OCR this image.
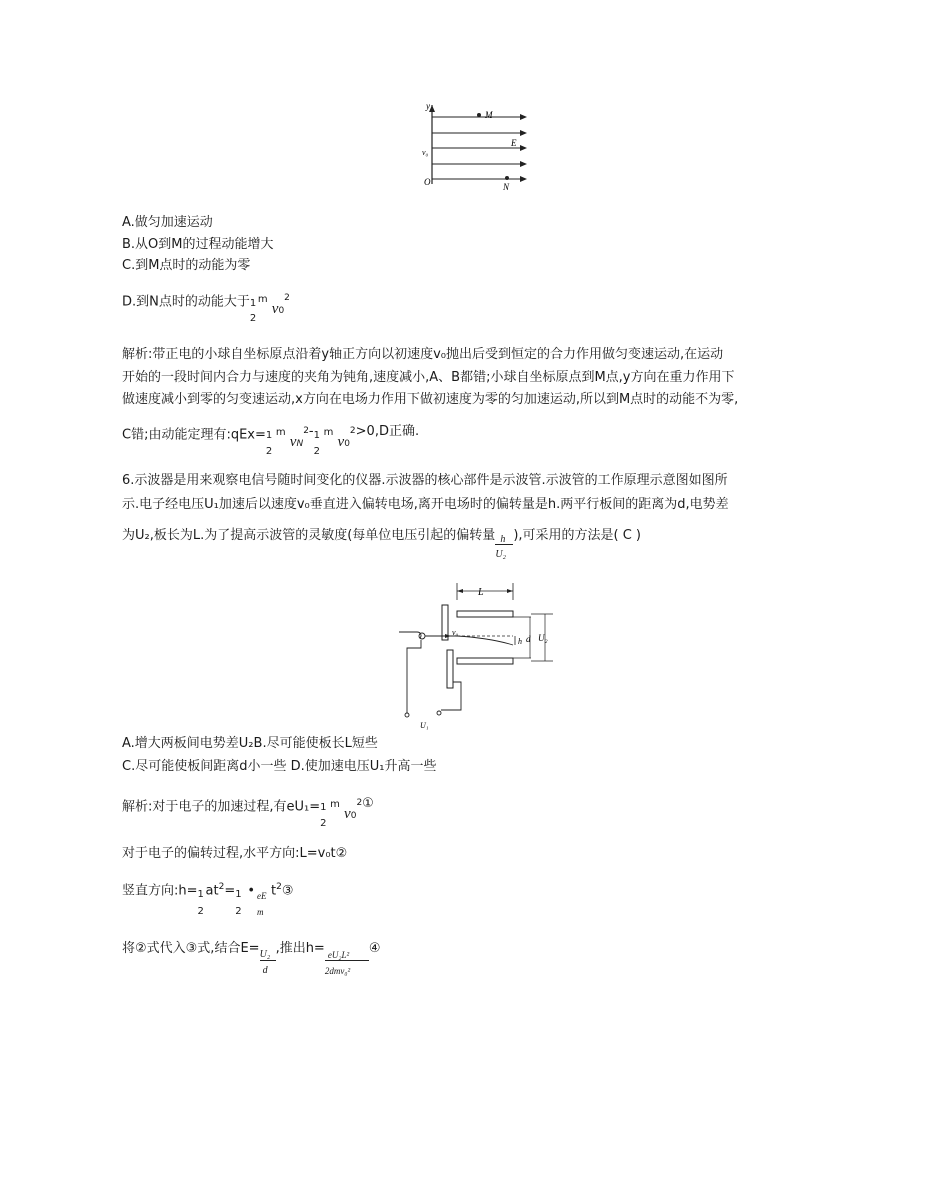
y
M
E
v₀
O	N
A.做匀加速运动
B.从O到M的过程动能增大
C.到M点时的动能为零
D.到N点时的动能大于 1
2
$^m$ $v_0^2$
解析:带正电的小球自坐标原点沿着y轴正方向以初速度v₀抛出后受到恒定的合力作用做匀变速运动,在运动
开始的一段时间内合力与速度的夹角为钝角,速度减小,A、B都错;小球自坐标原点到M点,y方向在重力作用下
做速度减小到零的匀变速运动,x方向在电场力作用下做初速度为零的匀加速运动,所以到M点时的动能不为零,
C错;由动能定理有:qEx= 1
2
$^m$ $v_N^2-$ 1
2
$^m$ $v_0^2>0,D$正确.
6.示波器是用来观察电信号随时间变化的仪器.示波器的核心部件是示波管.示波管的工作原理示意图如图所
示.电子经电压U₁加速后以速度v₀垂直进入偏转电场,离开电场时的偏转量是h.两平行板间的距离为d,电势差
为U₂,板长为L.为了提高示波管的灵敏度(每单位电压引起的偏转量
$\frac{h}{\text{U₂}}$
),可采用的方法是( C )
L
v₀
h d U₂
U₁
A.增大两板间电势差U₂B.尽可能使板长L短些
C.尽可能使板间距离d小一些 D.使加速电压U₁升高一些
解析:对于电子的加速过程,有eU₁= 1
2
$^m$ $v_0^2①$
对于电子的偏转过程,水平方向:L=v₀t②
竖直方向:h= 1
2
$at^2= 1$
2
• eE
m
$t^2③$
将②式代入③式,结合E=
$\frac{\text{U₂}}{d}$
,推出h=
$\frac{\text{eU₂L²}}{\text{2dmv₀²}}$
④
